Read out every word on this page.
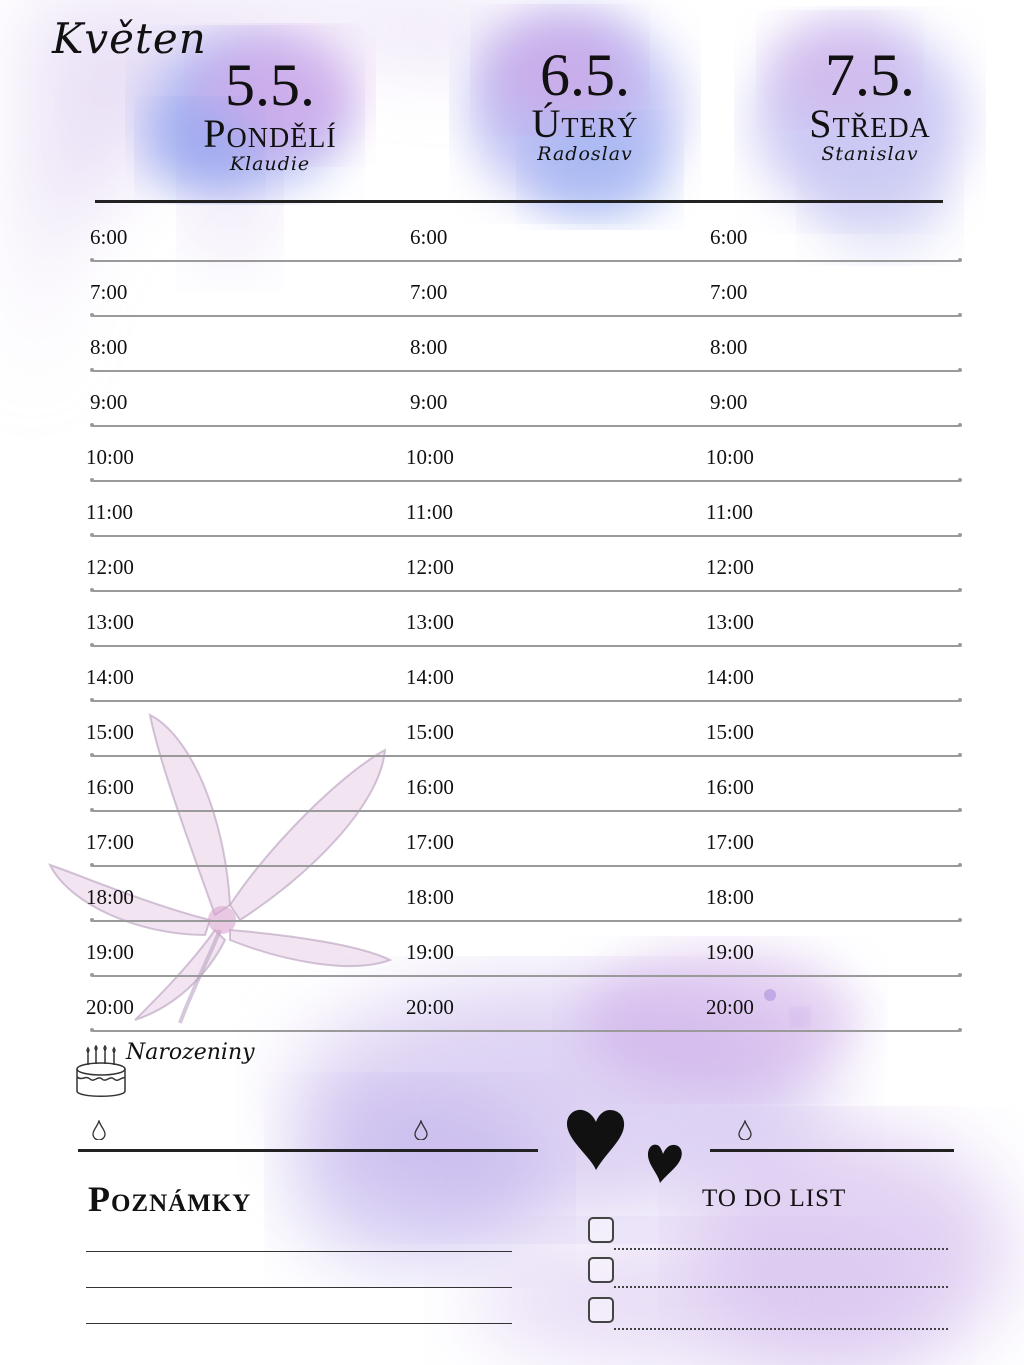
Květen
5.5.
Pondělí
Klaudie
6.5.
Úterý
Radoslav
7.5.
Středa
Stanislav
Narozeniny
Poznámky	TO DO LIST
6:00	6:00	6:00
7:00	7:00	7:00
8:00	8:00	8:00
9:00	9:00	9:00
10:00	10:00	10:00
11:00	11:00	11:00
12:00	12:00	12:00
13:00	13:00	13:00
14:00	14:00	14:00
15:00	15:00	15:00
16:00	16:00	16:00
17:00	17:00	17:00
18:00	18:00	18:00
19:00	19:00	19:00
20:00	20:00	20:00
